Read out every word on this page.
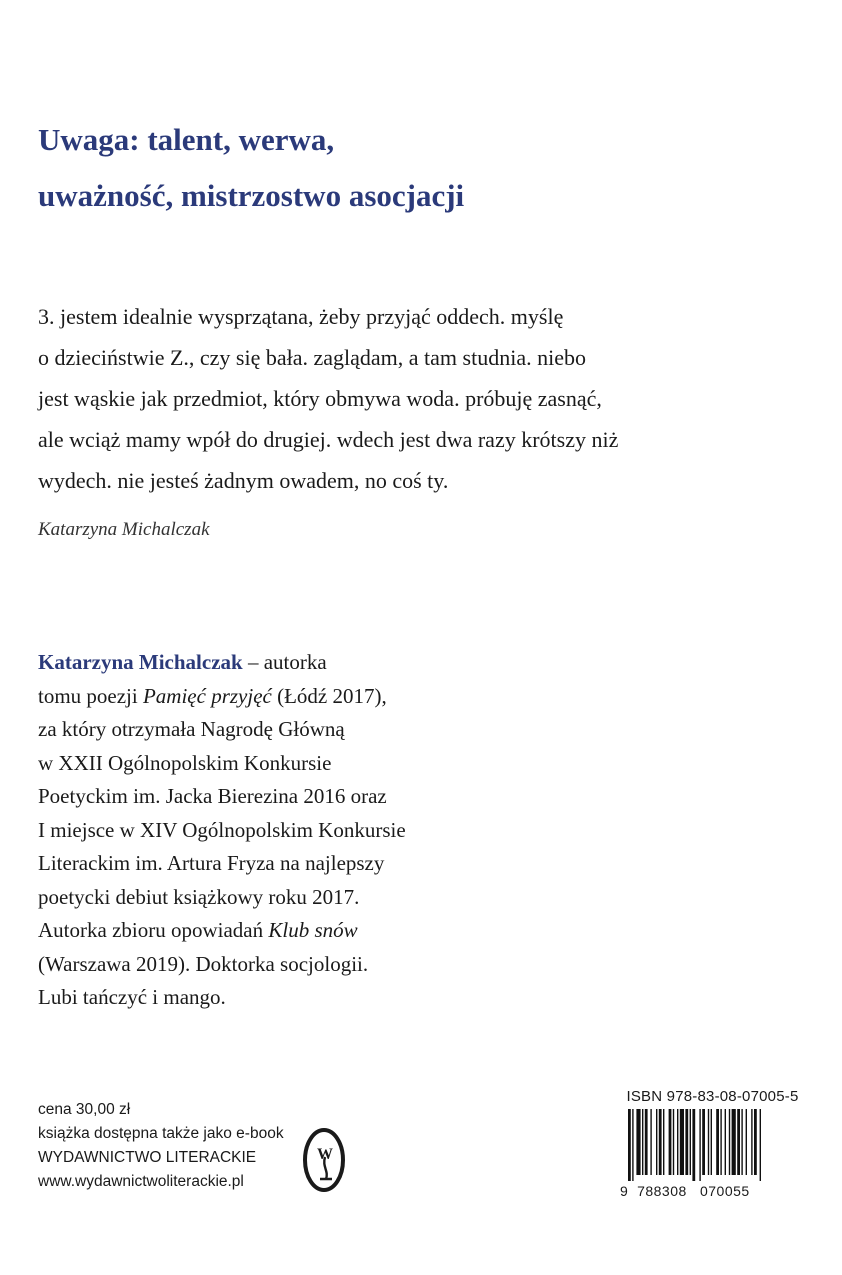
Uwaga: talent, werwa,
uważność, mistrzostwo asocjacji
3. jestem idealnie wysprzątana, żeby przyjąć oddech. myślę
o dzieciństwie Z., czy się bała. zaglądam, a tam studnia. niebo
jest wąskie jak przedmiot, który obmywa woda. próbuję zasnąć,
ale wciąż mamy wpół do drugiej. wdech jest dwa razy krótszy niż
wydech. nie jesteś żadnym owadem, no coś ty.
Katarzyna Michalczak
Katarzyna Michalczak – autorka
tomu poezji Pamięć przyjęć (Łódź 2017),
za który otrzymała Nagrodę Główną
w XXII Ogólnopolskim Konkursie
Poetyckim im. Jacka Bierezina 2016 oraz
I miejsce w XIV Ogólnopolskim Konkursie
Literackim im. Artura Fryza na najlepszy
poetycki debiut książkowy roku 2017.
Autorka zbioru opowiadań Klub snów
(Warszawa 2019). Doktorka socjologii.
Lubi tańczyć i mango.
cena 30,00 zł
książka dostępna także jako e-book
WYDAWNICTWO LITERACKIE
www.wydawnictwoliterackie.pl
W
ISBN 978-83-08-07005-5
9 788308 070055
